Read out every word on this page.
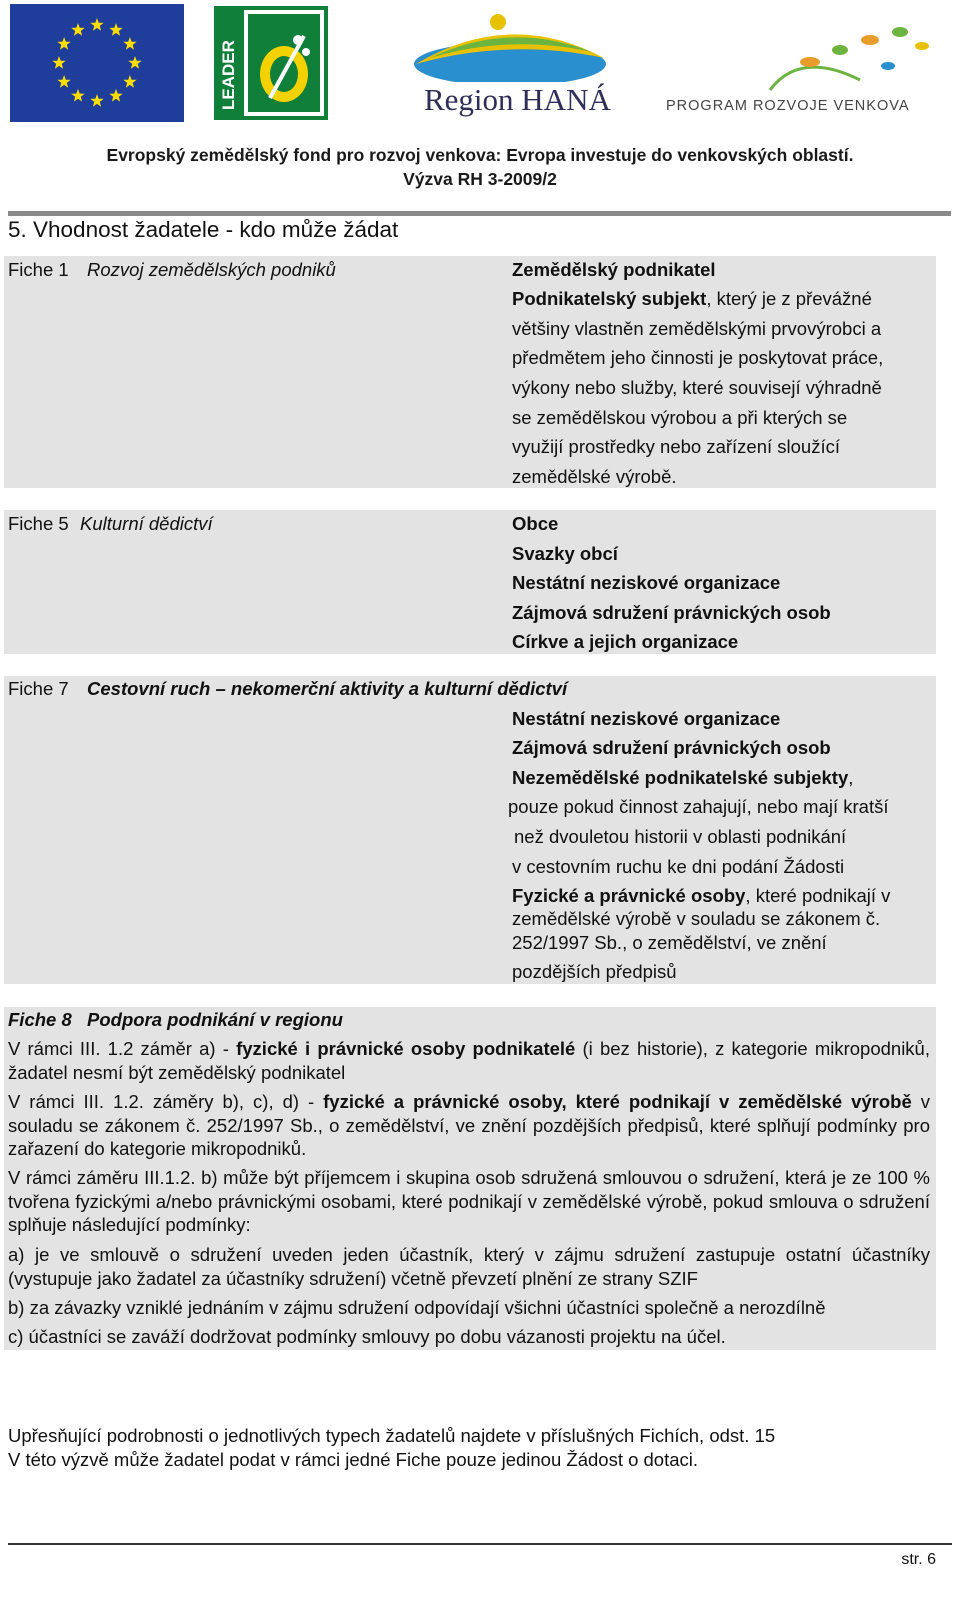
LEADER	Region HANÁ	PROGRAM ROZVOJE VENKOVA
Evropský zemědělský fond pro rozvoj venkova: Evropa investuje do venkovských oblastí.
Výzva RH 3-2009/2
5. Vhodnost žadatele - kdo může žádat
Fiche 1 Rozvoj zemědělských podniků	Zemědělský podnikatel
Podnikatelský subjekt, který je z převážné
většiny vlastněn zemědělskými prvovýrobci a
předmětem jeho činnosti je poskytovat práce,
výkony nebo služby, které souvisejí výhradně
se zemědělskou výrobou a při kterých se
využijí prostředky nebo zařízení sloužící
zemědělské výrobě.
Fiche 5 Kulturní dědictví	Obce
Svazky obcí
Nestátní neziskové organizace
Zájmová sdružení právnických osob
Církve a jejich organizace
Fiche 7 Cestovní ruch – nekomerční aktivity a kulturní dědictví
Nestátní neziskové organizace
Zájmová sdružení právnických osob
Nezemědělské podnikatelské subjekty,
pouze pokud činnost zahajují, nebo mají kratší
než dvouletou historii v oblasti podnikání
v cestovním ruchu ke dni podání Žádosti
Fyzické a právnické osoby, které podnikají v
zemědělské výrobě v souladu se zákonem č.
252/1997 Sb., o zemědělství, ve znění
pozdějších předpisů
Fiche 8 Podpora podnikání v regionu
V rámci III. 1.2 záměr a) - fyzické i právnické osoby podnikatelé (i bez historie), z kategorie mikropodniků, žadatel nesmí být zemědělský podnikatel
V rámci III. 1.2. záměry b), c), d) - fyzické a právnické osoby, které podnikají v zemědělské výrobě v souladu se zákonem č. 252/1997 Sb., o zemědělství, ve znění pozdějších předpisů, které splňují podmínky pro zařazení do kategorie mikropodniků.
V rámci záměru III.1.2. b) může být příjemcem i skupina osob sdružená smlouvou o sdružení, která je ze 100 % tvořena fyzickými a/nebo právnickými osobami, které podnikají v zemědělské výrobě, pokud smlouva o sdružení splňuje následující podmínky:
a) je ve smlouvě o sdružení uveden jeden účastník, který v zájmu sdružení zastupuje ostatní účastníky (vystupuje jako žadatel za účastníky sdružení) včetně převzetí plnění ze strany SZIF
b) za závazky vzniklé jednáním v zájmu sdružení odpovídají všichni účastníci společně a nerozdílně
c) účastníci se zaváží dodržovat podmínky smlouvy po dobu vázanosti projektu na účel.
Upřesňující podrobnosti o jednotlivých typech žadatelů najdete v příslušných Fichích, odst. 15
V této výzvě může žadatel podat v rámci jedné Fiche pouze jedinou Žádost o dotaci.
str. 6
